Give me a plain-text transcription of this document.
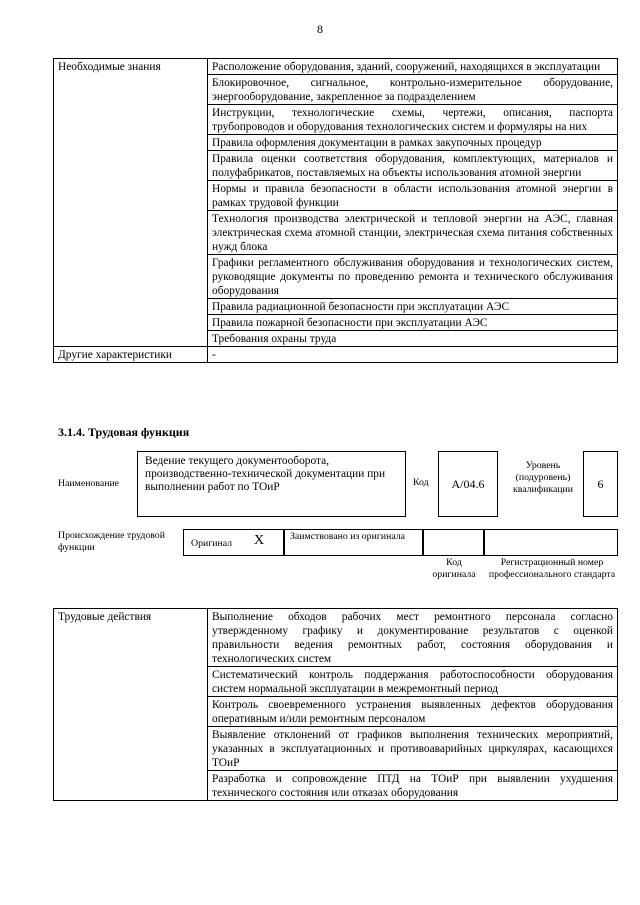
8
Необходимые знания	Расположение оборудования, зданий, сооружений, находящихся в эксплуатации
	Блокировочное, сигнальное, контрольно-измерительное оборудование, энергооборудование, закрепленное за подразделением
	Инструкции, технологические схемы, чертежи, описания, паспорта трубопроводов и оборудования технологических систем и формуляры на них
	Правила оформления документации в рамках закупочных процедур
	Правила оценки соответствия оборудования, комплектующих, материалов и полуфабрикатов, поставляемых на объекты использования атомной энергии
	Нормы и правила безопасности в области использования атомной энергии в рамках трудовой функции
	Технология производства электрической и тепловой энергии на АЭС, главная электрическая схема атомной станции, электрическая схема питания собственных нужд блока
	Графики регламентного обслуживания оборудования и технологических систем, руководящие документы по проведению ремонта и технического обслуживания оборудования
	Правила радиационной безопасности при эксплуатации АЭС
	Правила пожарной безопасности при эксплуатации АЭС
	Требования охраны труда
Другие характеристики	-
3.1.4. Трудовая функция
Наименование
Ведение текущего документооборота, производственно-технической документации при выполнении работ по ТОиР	Код	A/04.6
Уровень (подуровень) квалификации	6
Происхождение трудовой функции	Оригинал X	Заимствовано из оригинала
Код оригинала
Регистрационный номер профессионального стандарта
Трудовые действия	Выполнение обходов рабочих мест ремонтного персонала согласно утвержденному графику и документирование результатов с оценкой правильности ведения ремонтных работ, состояния оборудования и технологических систем
Систематический контроль поддержания работоспособности оборудования систем нормальной эксплуатации в межремонтный период
Контроль своевременного устранения выявленных дефектов оборудования оперативным и/или ремонтным персоналом
Выявление отклонений от графиков выполнения технических мероприятий, указанных в эксплуатационных и противоаварийных циркулярах, касающихся ТОиР
Разработка и сопровождение ПТД на ТОиР при выявлении ухудшения технического состояния или отказах оборудования
